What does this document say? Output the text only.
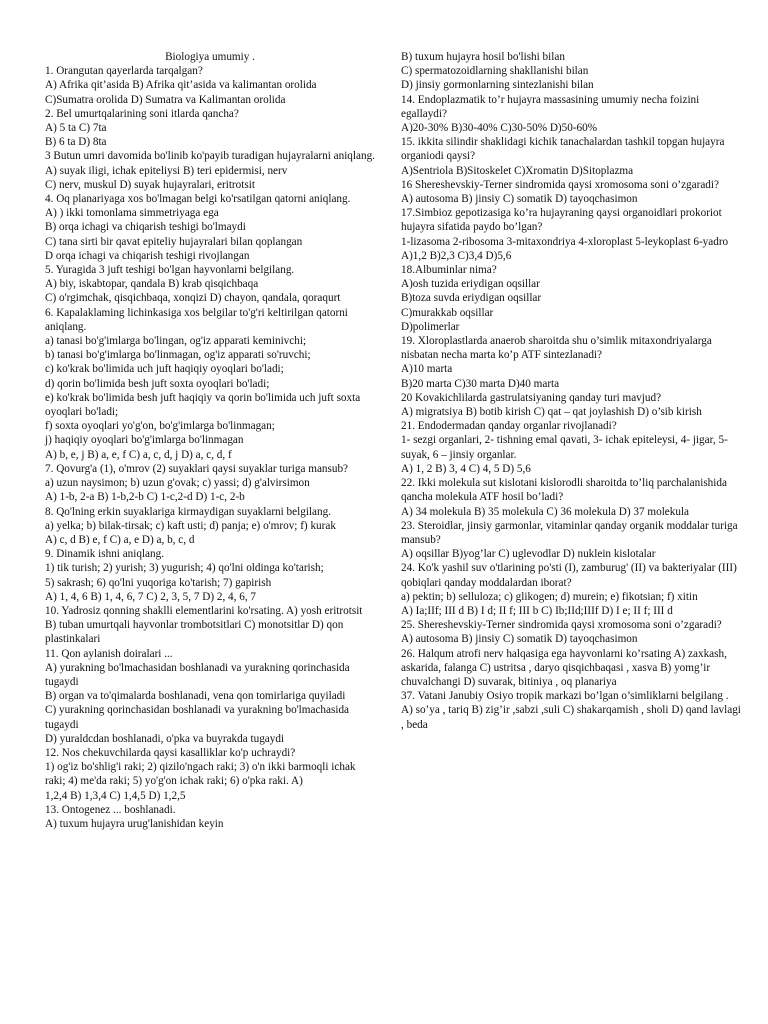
Biologiya umumiy .
1. Orangutan qayerlarda tarqalgan?
A) Afrika qit’asida B) Afrika qit’asida va kalimantan orolida
C)Sumatra orolida D) Sumatra va Kalimantan orolida
2. Bel umurtqalarining soni itlarda qancha?
A) 5 ta C) 7ta
B) 6 ta D) 8ta
3 Butun umri davomida bo'linib ko'payib turadigan hujayralarni aniqlang.
A) suyak iligi, ichak epiteliysi B) teri epidermisi, nerv
C) nerv, muskul D) suyak hujayralari, eritrotsit
4. Oq planariyaga xos bo'lmagan belgi ko'rsatilgan qatorni aniqlang.
A) ) ikki tomonlama simmetriyaga ega
B) orqa ichagi va chiqarish teshigi bo'lmaydi
C) tana sirti bir qavat epiteliy hujayralari bilan qoplangan
D orqa ichagi va chiqarish teshigi rivojlangan
5. Yuragida 3 juft teshigi bo'lgan hayvonlarni belgilang.
A) biy, iskabtopar, qandala B) krab qisqichbaqa
C) o'rgimchak, qisqichbaqa, xonqizi D) chayon, qandala, qoraqurt
6. Kapalaklaming lichinkasiga xos belgilar to'g'ri keltirilgan qatorni aniqlang.
a) tanasi bo'g'imlarga bo'lingan, og'iz apparati keminivchi;
b) tanasi bo'g'imlarga bo'linmagan, og'iz apparati so'ruvchi;
c) ko'krak bo'limida uch juft haqiqiy oyoqlari bo'ladi;
d) qorin bo'limida besh juft soxta oyoqlari bo'ladi;
e) ko'krak bo'limida besh juft haqiqiy va qorin bo'limida uch juft soxta oyoqlari bo'ladi;
f) soxta oyoqlari yo'g'on, bo'g'imlarga bo'linmagan;
j) haqiqiy oyoqlari bo'g'imlarga bo'linmagan
A) b, e, j B) a, e, f C) a, c, d, j D) a, c, d, f
7. Qovurg'a (1), o'mrov (2) suyaklari qaysi suyaklar turiga mansub?
a) uzun naysimon; b) uzun g'ovak; c) yassi; d) g'alvirsimon
A) 1-b, 2-a B) 1-b,2-b C) 1-c,2-d D) 1-c, 2-b
8. Qo'lning erkin suyaklariga kirmaydigan suyaklarni belgilang.
a) yelka; b) bilak-tirsak; c) kaft usti; d) panja; e) o'mrov; f) kurak
A) c, d B) e, f C) a, e D) a, b, c, d
9. Dinamik ishni aniqlang.
1) tik turish; 2) yurish; 3) yugurish; 4) qo'lni oldinga ko'tarish;
5) sakrash; 6) qo'lni yuqoriga ko'tarish; 7) gapirish
A) 1, 4, 6 B) 1, 4, 6, 7 C) 2, 3, 5, 7 D) 2, 4, 6, 7
10. Yadrosiz qonning shaklli elementlarini ko'rsating. A) yosh eritrotsit B) tuban umurtqali hayvonlar trombotsitlari C) monotsitlar D) qon plastinkalari
11. Qon aylanish doiralari ...
A) yurakning bo'lmachasidan boshlanadi va yurakning qorinchasida tugaydi
B) organ va to'qimalarda boshlanadi, vena qon tomirlariga quyiladi
C) yurakning qorinchasidan boshlanadi va yurakning bo'lmachasida tugaydi
D) yuraldcdan boshlanadi, o'pka va buyrakda tugaydi
12. Nos chekuvchilarda qaysi kasalliklar ko'p uchraydi?
1) og'iz bo'shlig'i raki; 2) qizilo'ngach raki; 3) o'n ikki barmoqli ichak raki; 4) me'da raki; 5) yo'g'on ichak raki; 6) o'pka raki. A)
1,2,4 B) 1,3,4 C) 1,4,5 D) 1,2,5
13. Ontogenez ... boshlanadi.
A) tuxum hujayra urug'lanishidan keyin
B) tuxum hujayra hosil bo'lishi bilan
C) spermatozoidlarning shakllanishi bilan
D) jinsiy gormonlarning sintezlanishi bilan
14. Endoplazmatik to’r hujayra massasining umumiy necha foizini egallaydi?
A)20-30% B)30-40% C)30-50% D)50-60%
15. ikkita silindir shaklidagi kichik tanachalardan tashkil topgan hujayra organiodi qaysi?
A)Sentriola B)Sitoskelet C)Xromatin D)Sitoplazma
16 Shereshevskiy-Terner sindromida qaysi xromosoma soni o’zgaradi?
A) autosoma B) jinsiy C) somatik D) tayoqchasimon
17.Simbioz gepotizasiga ko’ra hujayraning qaysi organoidlari prokoriot hujayra sifatida paydo bo’lgan?
1-lizasoma 2-ribosoma 3-mitaxondriya 4-xloroplast 5-leykoplast 6-yadro
A)1,2 B)2,3 C)3,4 D)5,6
18.Albuminlar nima?
A)osh tuzida eriydigan oqsillar
B)toza suvda eriydigan oqsillar
C)murakkab oqsillar
D)polimerlar
19. Xloroplastlarda anaerob sharoitda shu o’simlik mitaxondriyalarga nisbatan necha marta ko’p ATF sintezlanadi?
A)10 marta
B)20 marta C)30 marta D)40 marta
20 Kovakichlilarda gastrulatsiyaning qanday turi mavjud?
A) migratsiya B) botib kirish C) qat – qat joylashish D) o’sib kirish
21. Endodermadan qanday organlar rivojlanadi?
1- sezgi organlari, 2- tishning emal qavati, 3- ichak epiteleysi, 4- jigar, 5- suyak, 6 – jinsiy organlar.
A) 1, 2 B) 3, 4 C) 4, 5 D) 5,6
22. Ikki molekula sut kislotani kislorodli sharoitda to’liq parchalanishida qancha molekula ATF hosil bo’ladi?
A) 34 molekula B) 35 molekula C) 36 molekula D) 37 molekula
23. Steroidlar, jinsiy garmonlar, vitaminlar qanday organik moddalar turiga mansub?
A) oqsillar B)yog’lar C) uglevodlar D) nuklein kislotalar
24. Ko'k yashil suv o'tlarining po'sti (I), zamburug' (II) va bakteriyalar (III) qobiqlari qanday moddalardan iborat?
a) pektin; b) selluloza; c) glikogen; d) murein; e) fikotsian; f) xitin
A) Ia;IIf; III d B) I d; II f; III b C) Ib;IId;IIIf D) I e; II f; III d
25. Shereshevskiy-Terner sindromida qaysi xromosoma soni o’zgaradi?
A) autosoma B) jinsiy C) somatik D) tayoqchasimon
26. Halqum atrofi nerv halqasiga ega hayvonlarni ko’rsating A) zaxkash, askarida, falanga C) ustritsa , daryo qisqichbaqasi , xasva B) yomg’ir chuvalchangi D) suvarak, bitiniya , oq planariya
37. Vatani Janubiy Osiyo tropik markazi bo’lgan o’simliklarni belgilang .
A) so’ya , tariq B) zig’ir ,sabzi ,suli C) shakarqamish , sholi D) qand lavlagi , beda
